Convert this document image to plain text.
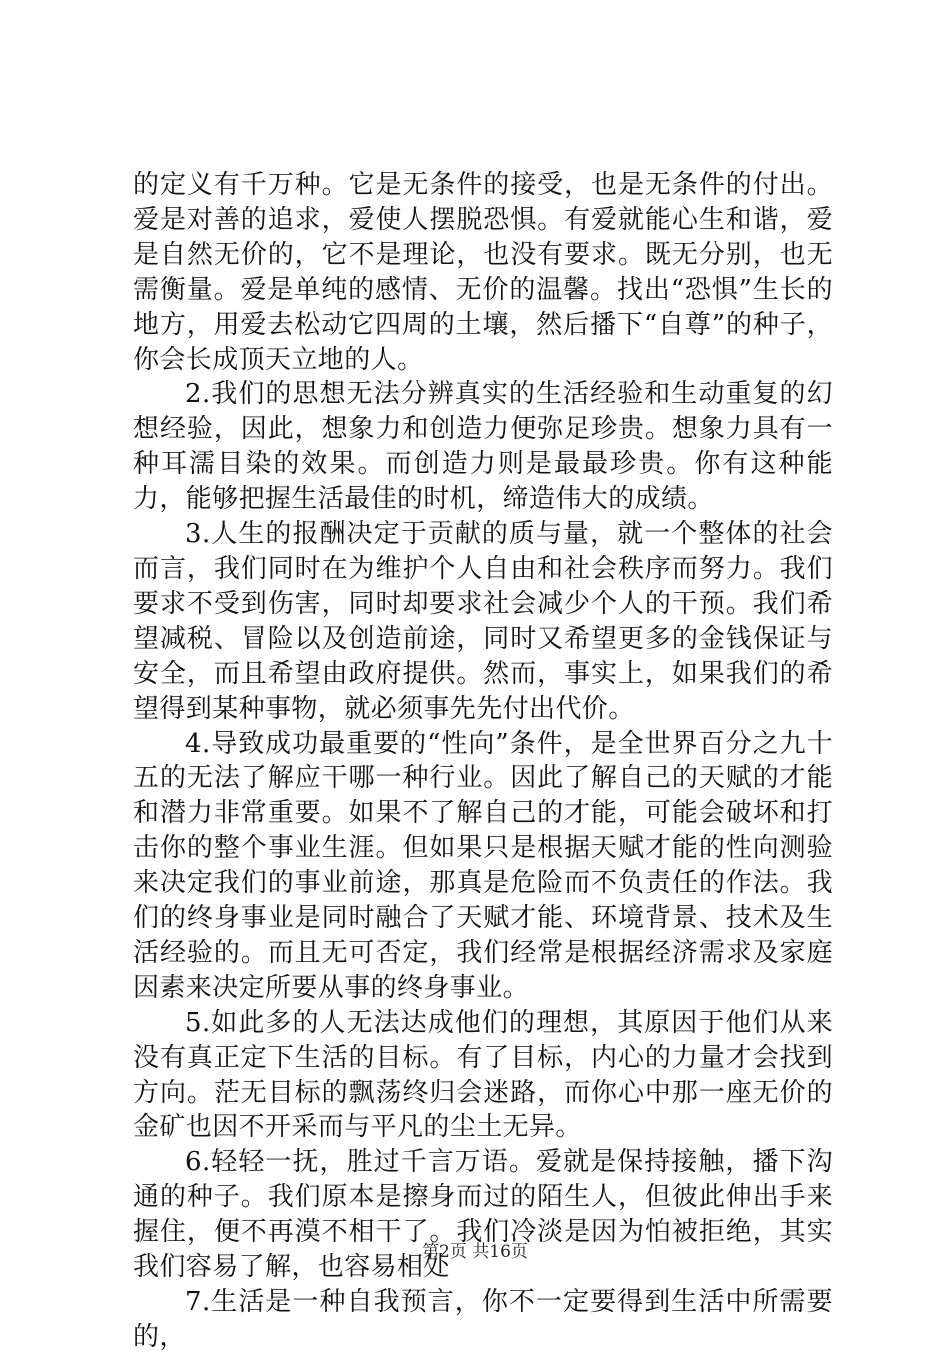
的定义有千万种。它是无条件的接受，也是无条件的付出。爱是对善的追求，爱使人摆脱恐惧。有爱就能心生和谐，爱是自然无价的，它不是理论，也没有要求。既无分别，也无需衡量。爱是单纯的感情、无价的温馨。找出“恐惧”生长的地方，用爱去松动它四周的土壤，然后播下“自尊”的种子，你会长成顶天立地的人。

2.我们的思想无法分辨真实的生活经验和生动重复的幻想经验，因此，想象力和创造力便弥足珍贵。想象力具有一种耳濡目染的效果。而创造力则是最最珍贵。你有这种能力，能够把握生活最佳的时机，缔造伟大的成绩。

3.人生的报酬决定于贡献的质与量，就一个整体的社会而言，我们同时在为维护个人自由和社会秩序而努力。我们要求不受到伤害，同时却要求社会减少个人的干预。我们希望减税、冒险以及创造前途，同时又希望更多的金钱保证与安全，而且希望由政府提供。然而，事实上，如果我们的希望得到某种事物，就必须事先先付出代价。

4.导致成功最重要的“性向”条件，是全世界百分之九十五的无法了解应干哪一种行业。因此了解自己的天赋的才能和潜力非常重要。如果不了解自己的才能，可能会破坏和打击你的整个事业生涯。但如果只是根据天赋才能的性向测验来决定我们的事业前途，那真是危险而不负责任的作法。我们的终身事业是同时融合了天赋才能、环境背景、技术及生活经验的。而且无可否定，我们经常是根据经济需求及家庭因素来决定所要从事的终身事业。

5.如此多的人无法达成他们的理想，其原因于他们从来没有真正定下生活的目标。有了目标，内心的力量才会找到方向。茫无目标的飘荡终归会迷路，而你心中那一座无价的金矿也因不开采而与平凡的尘土无异。

6.轻轻一抚，胜过千言万语。爱就是保持接触，播下沟通的种子。我们原本是擦身而过的陌生人，但彼此伸出手来握住，便不再漠不相干了。我们冷淡是因为怕被拒绝，其实我们容易了解，也容易相处

7.生活是一种自我预言，你不一定要得到生活中所需要的，

第2页 共16页
